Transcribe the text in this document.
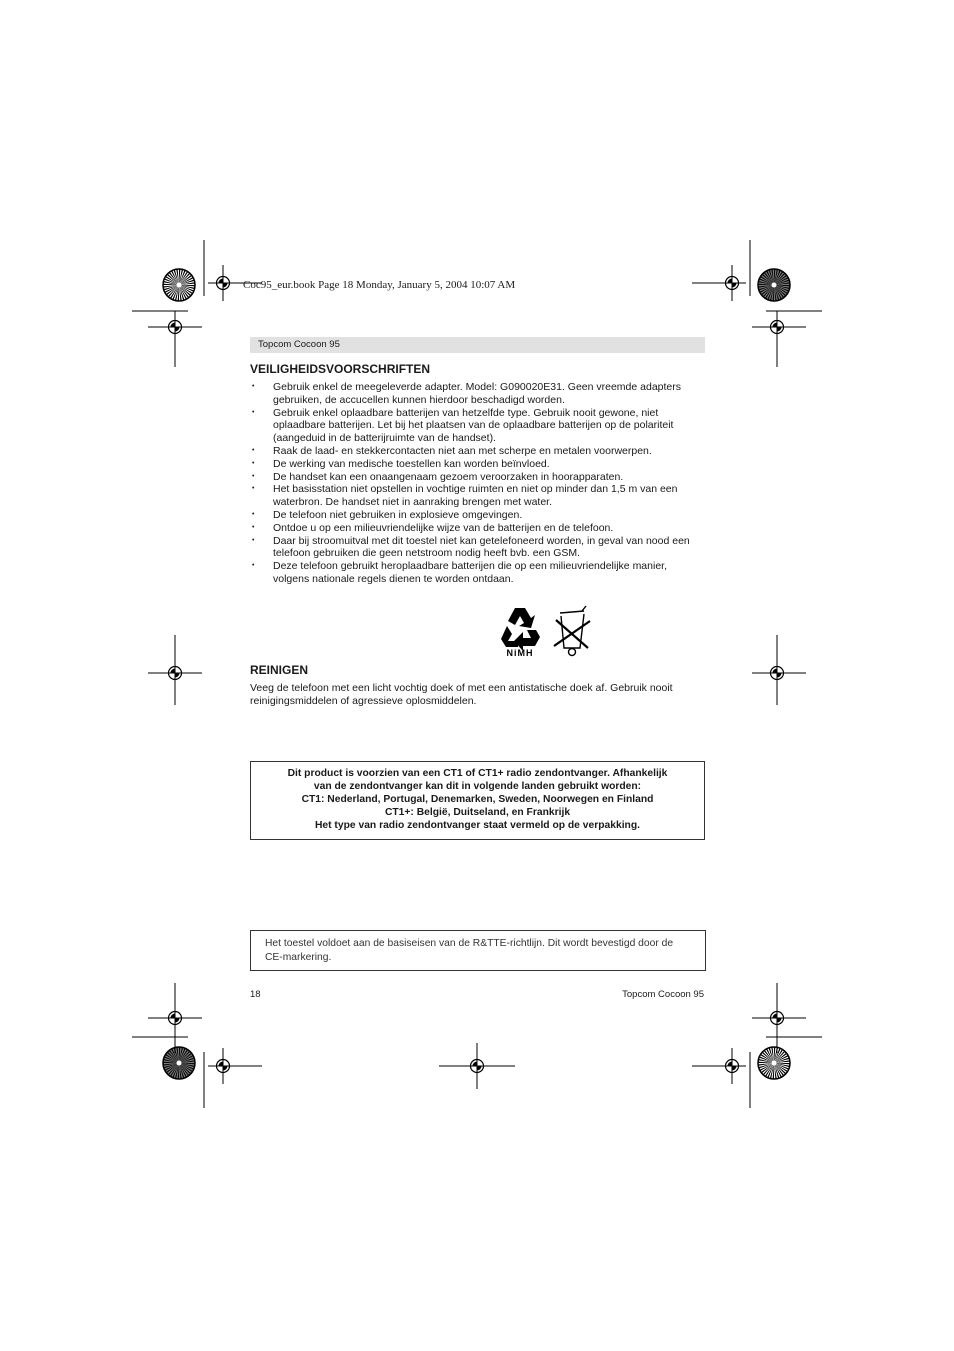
Coc95_eur.book Page 18 Monday, January 5, 2004 10:07 AM
Topcom Cocoon 95
VEILIGHEIDSVOORSCHRIFTEN
• Gebruik enkel de meegeleverde adapter. Model: G090020E31. Geen vreemde adapters gebruiken, de accucellen kunnen hierdoor beschadigd worden.
• Gebruik enkel oplaadbare batterijen van hetzelfde type. Gebruik nooit gewone, niet oplaadbare batterijen. Let bij het plaatsen van de oplaadbare batterijen op de polariteit (aangeduid in de batterijruimte van de handset).
• Raak de laad- en stekkercontacten niet aan met scherpe en metalen voorwerpen.
• De werking van medische toestellen kan worden beïnvloed.
• De handset kan een onaangenaam gezoem veroorzaken in hoorapparaten.
• Het basisstation niet opstellen in vochtige ruimten en niet op minder dan 1,5 m van een waterbron. De handset niet in aanraking brengen met water.
• De telefoon niet gebruiken in explosieve omgevingen.
• Ontdoe u op een milieuvriendelijke wijze van de batterijen en de telefoon.
• Daar bij stroomuitval met dit toestel niet kan getelefoneerd worden, in geval van nood een telefoon gebruiken die geen netstroom nodig heeft bvb. een GSM.
• Deze telefoon gebruikt heroplaadbare batterijen die op een milieuvriendelijke manier, volgens nationale regels dienen te worden ontdaan.
NiMH
REINIGEN

Veeg de telefoon met een licht vochtig doek of met een antistatische doek af. Gebruik nooit reinigingsmiddelen of agressieve oplosmiddelen.

Dit product is voorzien van een CT1 of CT1+ radio zendontvanger. Afhankelijk
van de zendontvanger kan dit in volgende landen gebruikt worden:
CT1: Nederland, Portugal, Denemarken, Sweden, Noorwegen en Finland
CT1+: België, Duitseland, en Frankrijk
Het type van radio zendontvanger staat vermeld op de verpakking.

Het toestel voldoet aan de basiseisen van de R&TTE-richtlijn. Dit wordt bevestigd door de CE-markering.

18	Topcom Cocoon 95
